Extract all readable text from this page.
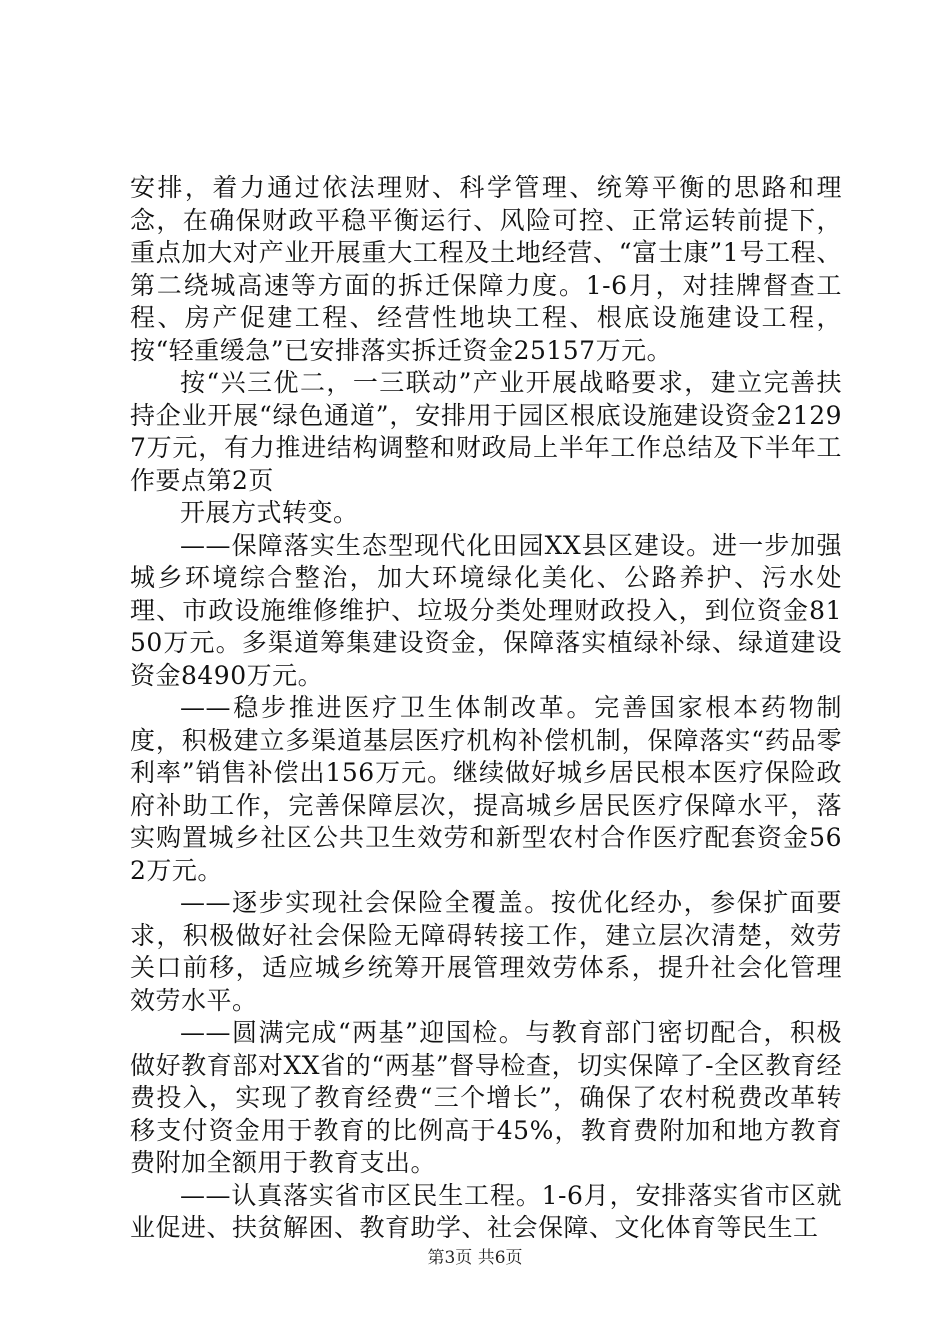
安排，着力通过依法理财、科学管理、统筹平衡的思路和理念，在确保财政平稳平衡运行、风险可控、正常运转前提下，重点加大对产业开展重大工程及土地经营、“富士康”1号工程、第二绕城高速等方面的拆迁保障力度。1-6月，对挂牌督查工程、房产促建工程、经营性地块工程、根底设施建设工程，按“轻重缓急”已安排落实拆迁资金25157万元。

按“兴三优二，一三联动”产业开展战略要求，建立完善扶持企业开展“绿色通道”，安排用于园区根底设施建设资金21297万元，有力推进结构调整和财政局上半年工作总结及下半年工作要点第2页

开展方式转变。

——保障落实生态型现代化田园XX县区建设。进一步加强城乡环境综合整治，加大环境绿化美化、公路养护、污水处理、市政设施维修维护、垃圾分类处理财政投入，到位资金8150万元。多渠道筹集建设资金，保障落实植绿补绿、绿道建设资金8490万元。

——稳步推进医疗卫生体制改革。完善国家根本药物制度，积极建立多渠道基层医疗机构补偿机制，保障落实“药品零利率”销售补偿出156万元。继续做好城乡居民根本医疗保险政府补助工作，完善保障层次，提高城乡居民医疗保障水平，落实购置城乡社区公共卫生效劳和新型农村合作医疗配套资金562万元。

——逐步实现社会保险全覆盖。按优化经办，参保扩面要求，积极做好社会保险无障碍转接工作，建立层次清楚，效劳关口前移，适应城乡统筹开展管理效劳体系，提升社会化管理效劳水平。

——圆满完成“两基”迎国检。与教育部门密切配合，积极做好教育部对XX省的“两基”督导检查，切实保障了-全区教育经费投入，实现了教育经费“三个增长”，确保了农村税费改革转移支付资金用于教育的比例高于45%，教育费附加和地方教育费附加全额用于教育支出。

——认真落实省市区民生工程。1-6月，安排落实省市区就业促进、扶贫解困、教育助学、社会保障、文化体育等民生工

第3页 共6页
